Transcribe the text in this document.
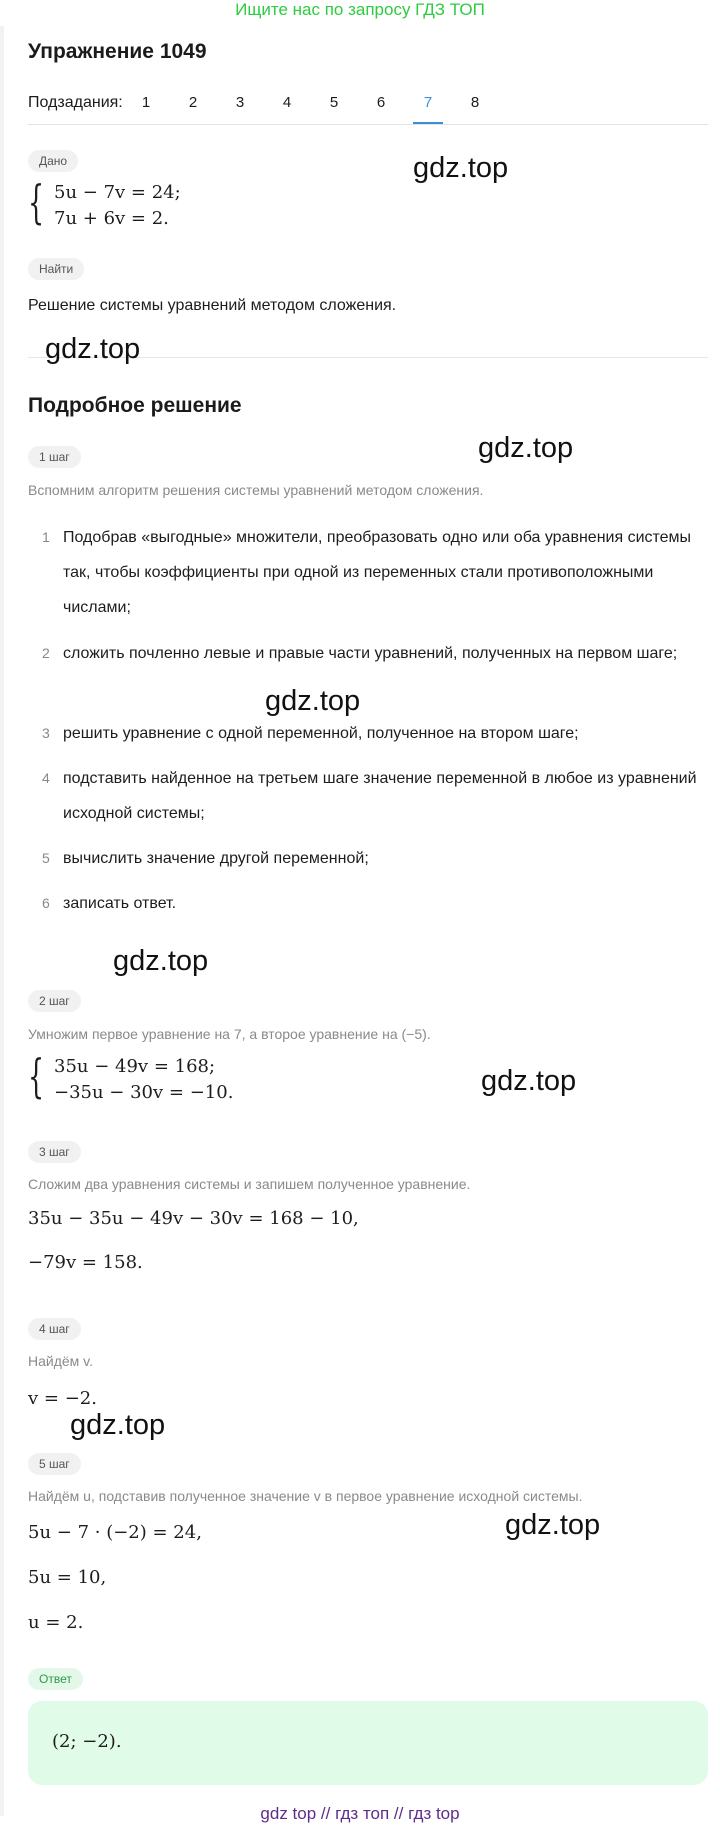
Ищите нас по запросу ГДЗ ТОП
Упражнение 1049
Подзадания:	1	2	3	4	5	6	7	8
Дано
{ 5u − 7v = 24;
7u + 6v = 2.
Найти
Решение системы уравнений методом сложения.
Подробное решение
1 шаг
Вспомним алгоритм решения системы уравнений методом сложения.
1 Подобрав «выгодные» множители, преобразовать одно или оба уравнения системы так, чтобы коэффициенты при одной из переменных стали противоположными числами;
2 сложить почленно левые и правые части уравнений, полученных на первом шаге;
3 решить уравнение с одной переменной, полученное на втором шаге;
4 подставить найденное на третьем шаге значение переменной в любое из уравнений исходной системы;
5 вычислить значение другой переменной;
6 записать ответ.
2 шаг
Умножим первое уравнение на 7, а второе уравнение на (−5).
{ 35u − 49v = 168;
−35u − 30v = −10.
3 шаг
Сложим два уравнения системы и запишем полученное уравнение.
35u − 35u − 49v − 30v = 168 − 10,
−79v = 158.
4 шаг
Найдём v.
v = −2.
5 шаг
Найдём u, подставив полученное значение v в первое уравнение исходной системы.
5u − 7 · (−2) = 24,
5u = 10,
u = 2.
Ответ
(2; −2).
gdz.top
gdz.top
gdz.top
gdz.top
gdz.top
gdz.top
gdz.top
gdz.top
gdz top // гдз топ // гдз top
